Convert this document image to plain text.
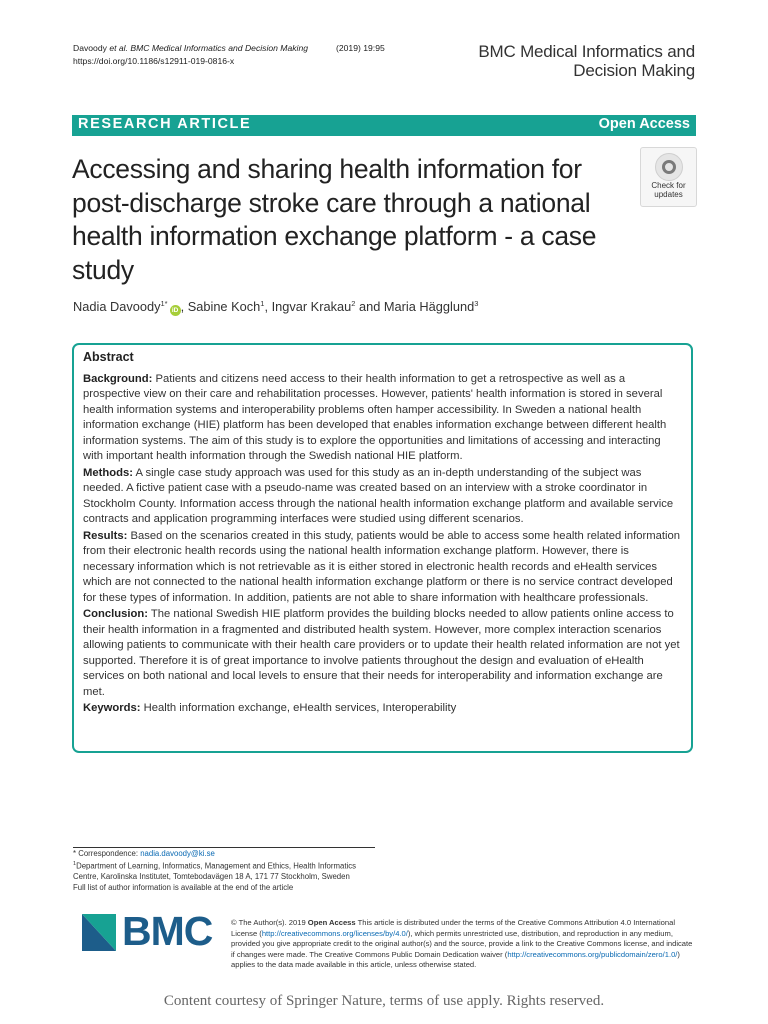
Davoody et al. BMC Medical Informatics and Decision Making	(2019) 19:95
https://doi.org/10.1186/s12911-019-0816-x	BMC Medical Informatics and
Decision Making
RESEARCH ARTICLE	Open Access
Accessing and sharing health information for post-discharge stroke care through a national health information exchange platform - a case study
Check for
updates
Nadia Davoody$^{1*}$iD , Sabine Koch$^1$, Ingvar Krakau$^2$ and Maria Hägglund$^3$
Abstract

Background: Patients and citizens need access to their health information to get a retrospective as well as a prospective view on their care and rehabilitation processes. However, patients' health information is stored in several health information systems and interoperability problems often hamper accessibility. In Sweden a national health information exchange (HIE) platform has been developed that enables information exchange between different health information systems. The aim of this study is to explore the opportunities and limitations of accessing and interacting with important health information through the Swedish national HIE platform.

Methods: A single case study approach was used for this study as an in-depth understanding of the subject was needed. A fictive patient case with a pseudo-name was created based on an interview with a stroke coordinator in Stockholm County. Information access through the national health information exchange platform and available service contracts and application programming interfaces were studied using different scenarios.

Results: Based on the scenarios created in this study, patients would be able to access some health related information from their electronic health records using the national health information exchange platform. However, there is necessary information which is not retrievable as it is either stored in electronic health records and eHealth services which are not connected to the national health information exchange platform or there is no service contract developed for these types of information. In addition, patients are not able to share information with healthcare professionals.

Conclusion: The national Swedish HIE platform provides the building blocks needed to allow patients online access to their health information in a fragmented and distributed health system. However, more complex interaction scenarios allowing patients to communicate with their health care providers or to update their health related information are not yet supported. Therefore it is of great importance to involve patients throughout the design and evaluation of eHealth services on both national and local levels to ensure that their needs for interoperability and information exchange are met.

Keywords: Health information exchange, eHealth services, Interoperability

* Correspondence: nadia.davoody@ki.se
$^1$Department of Learning, Informatics, Management and Ethics, Health Informatics Centre, Karolinska Institutet, Tomtebodavägen 18 A, 171 77 Stockholm, Sweden
Full list of author information is available at the end of the article
BMC © The Author(s). 2019 Open Access This article is distributed under the terms of the Creative Commons Attribution 4.0 International License (http://creativecommons.org/licenses/by/4.0/), which permits unrestricted use, distribution, and reproduction in any medium, provided you give appropriate credit to the original author(s) and the source, provide a link to the Creative Commons license, and indicate if changes were made. The Creative Commons Public Domain Dedication waiver (http://creativecommons.org/publicdomain/zero/1.0/) applies to the data made available in this article, unless otherwise stated.
Content courtesy of Springer Nature, terms of use apply. Rights reserved.
